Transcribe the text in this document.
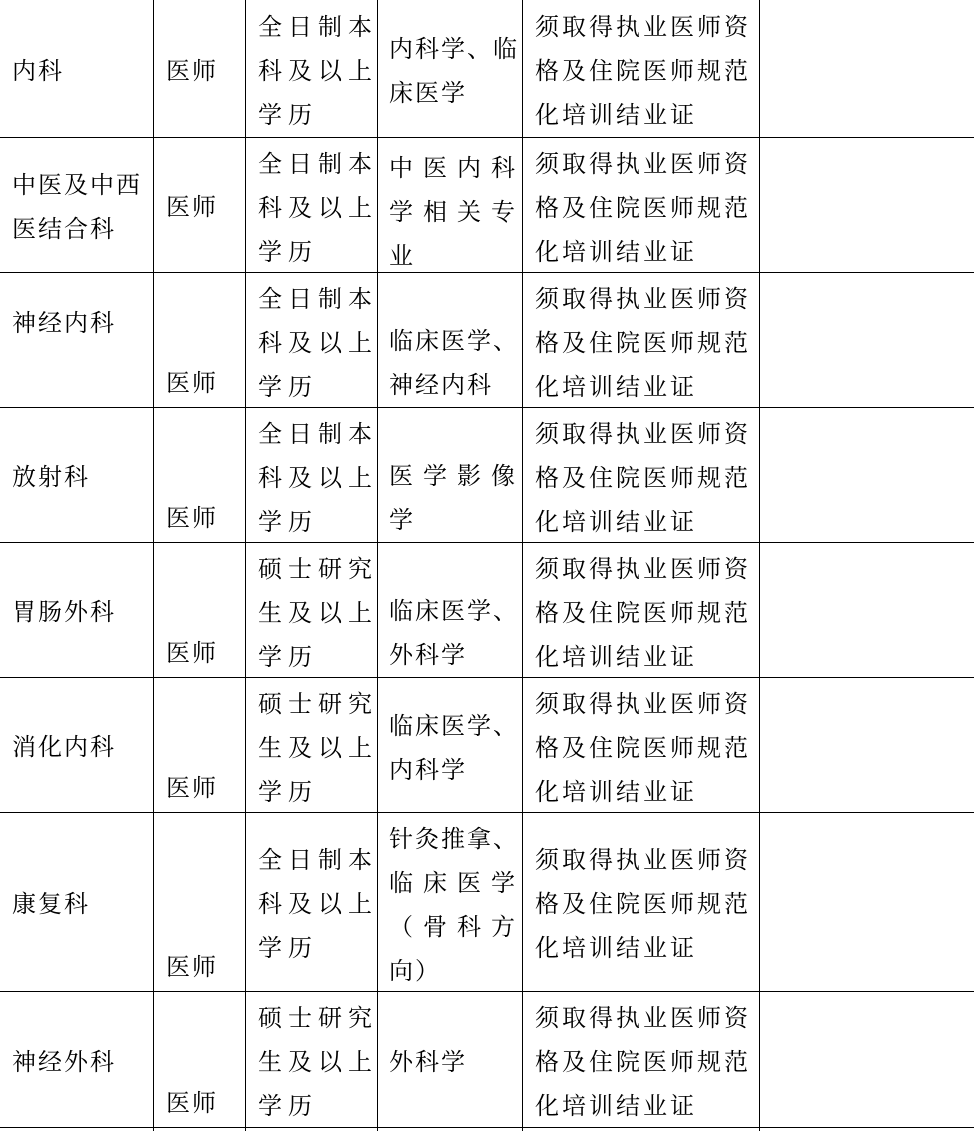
内科	医师
全日制本
科及以上
学历
内科学、临
床医学
须取得执业医师资
格及住院医师规范
化培训结业证
中医及中西
医结合科
医师
全日制本
科及以上
学历
中医内科
学相关专
业
须取得执业医师资
格及住院医师规范
化培训结业证
神经内科
医师
全日制本
科及以上
学历
临床医学、
神经内科
须取得执业医师资
格及住院医师规范
化培训结业证
放射科
医师
全日制本
科及以上
学历
医学影像
学
须取得执业医师资
格及住院医师规范
化培训结业证
胃肠外科
医师
硕士研究
生及以上
学历
临床医学、
外科学
须取得执业医师资
格及住院医师规范
化培训结业证
消化内科
医师
硕士研究
生及以上
学历
临床医学、
内科学
须取得执业医师资
格及住院医师规范
化培训结业证
康复科
医师
全日制本
科及以上
学历
针灸推拿、
临床医学
（骨科方
向）
须取得执业医师资
格及住院医师规范
化培训结业证
神经外科
医师
硕士研究
生及以上
学历
外科学
须取得执业医师资
格及住院医师规范
化培训结业证
